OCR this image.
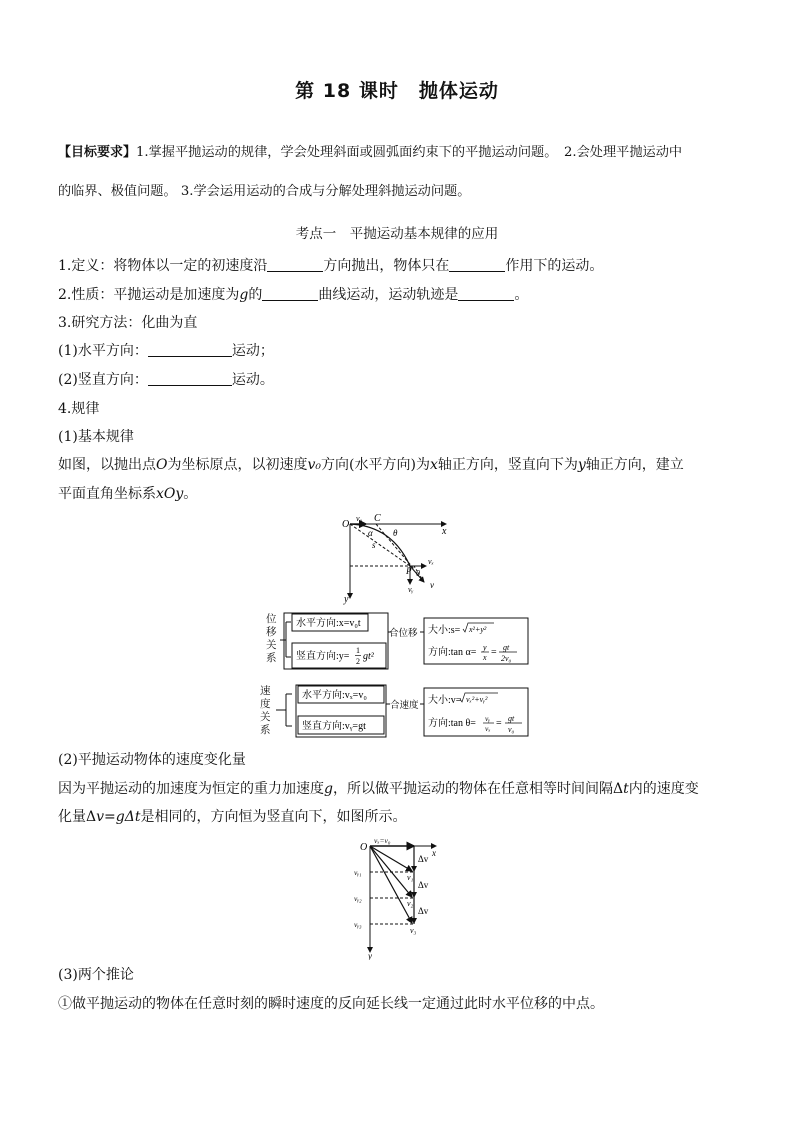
第 18 课时　抛体运动
【目标要求】1.掌握平抛运动的规律，学会处理斜面或圆弧面约束下的平抛运动问题。　2.会处理平抛运动中
的临界、极值问题。 3.学会运用运动的合成与分解处理斜抛运动问题。
考点一　平抛运动基本规律的应用
1.定义：将物体以一定的初速度沿	方向抛出，物体只在	作用下的运动。
2.性质：平抛运动是加速度为g的	曲线运动，运动轨迹是	。
3.研究方法：化曲为直
(1)水平方向：	运动；
(2)竖直方向：	运动。
4.规律
(1)基本规律
如图，以抛出点O为坐标原点，以初速度v₀方向(水平方向)为x轴正方向，竖直向下为y轴正方向，建立
平面直角坐标系xOy。
O
v₀ C
x
α θ
s
P θ
vₓ
vᵧ v
y
位
移
关
系
水平方向:x=v₀t
竖直方向:y=
1
2 gt²
合位移 大小:s= x²+y²
方向:tan α= y
x = gt
2v₀
速
度
关
系
水平方向:vₓ=v₀
竖直方向:vᵧ=gt
合速度 大小:v= vₓ²+vᵧ²
方向:tan θ= vᵧ
vₓ = gt
v₀
(2)平抛运动物体的速度变化量
因为平抛运动的加速度为恒定的重力加速度g，所以做平抛运动的物体在任意相等时间间隔Δt内的速度变
化量Δv=gΔt是相同的，方向恒为竖直向下，如图所示。
O
vₓ=v₀
x
Δv
Δv
Δv
vᵧ₁
vᵧ₂
vᵧ₃
v₁
v₂
v₃
y
(3)两个推论
①做平抛运动的物体在任意时刻的瞬时速度的反向延长线一定通过此时水平位移的中点。
